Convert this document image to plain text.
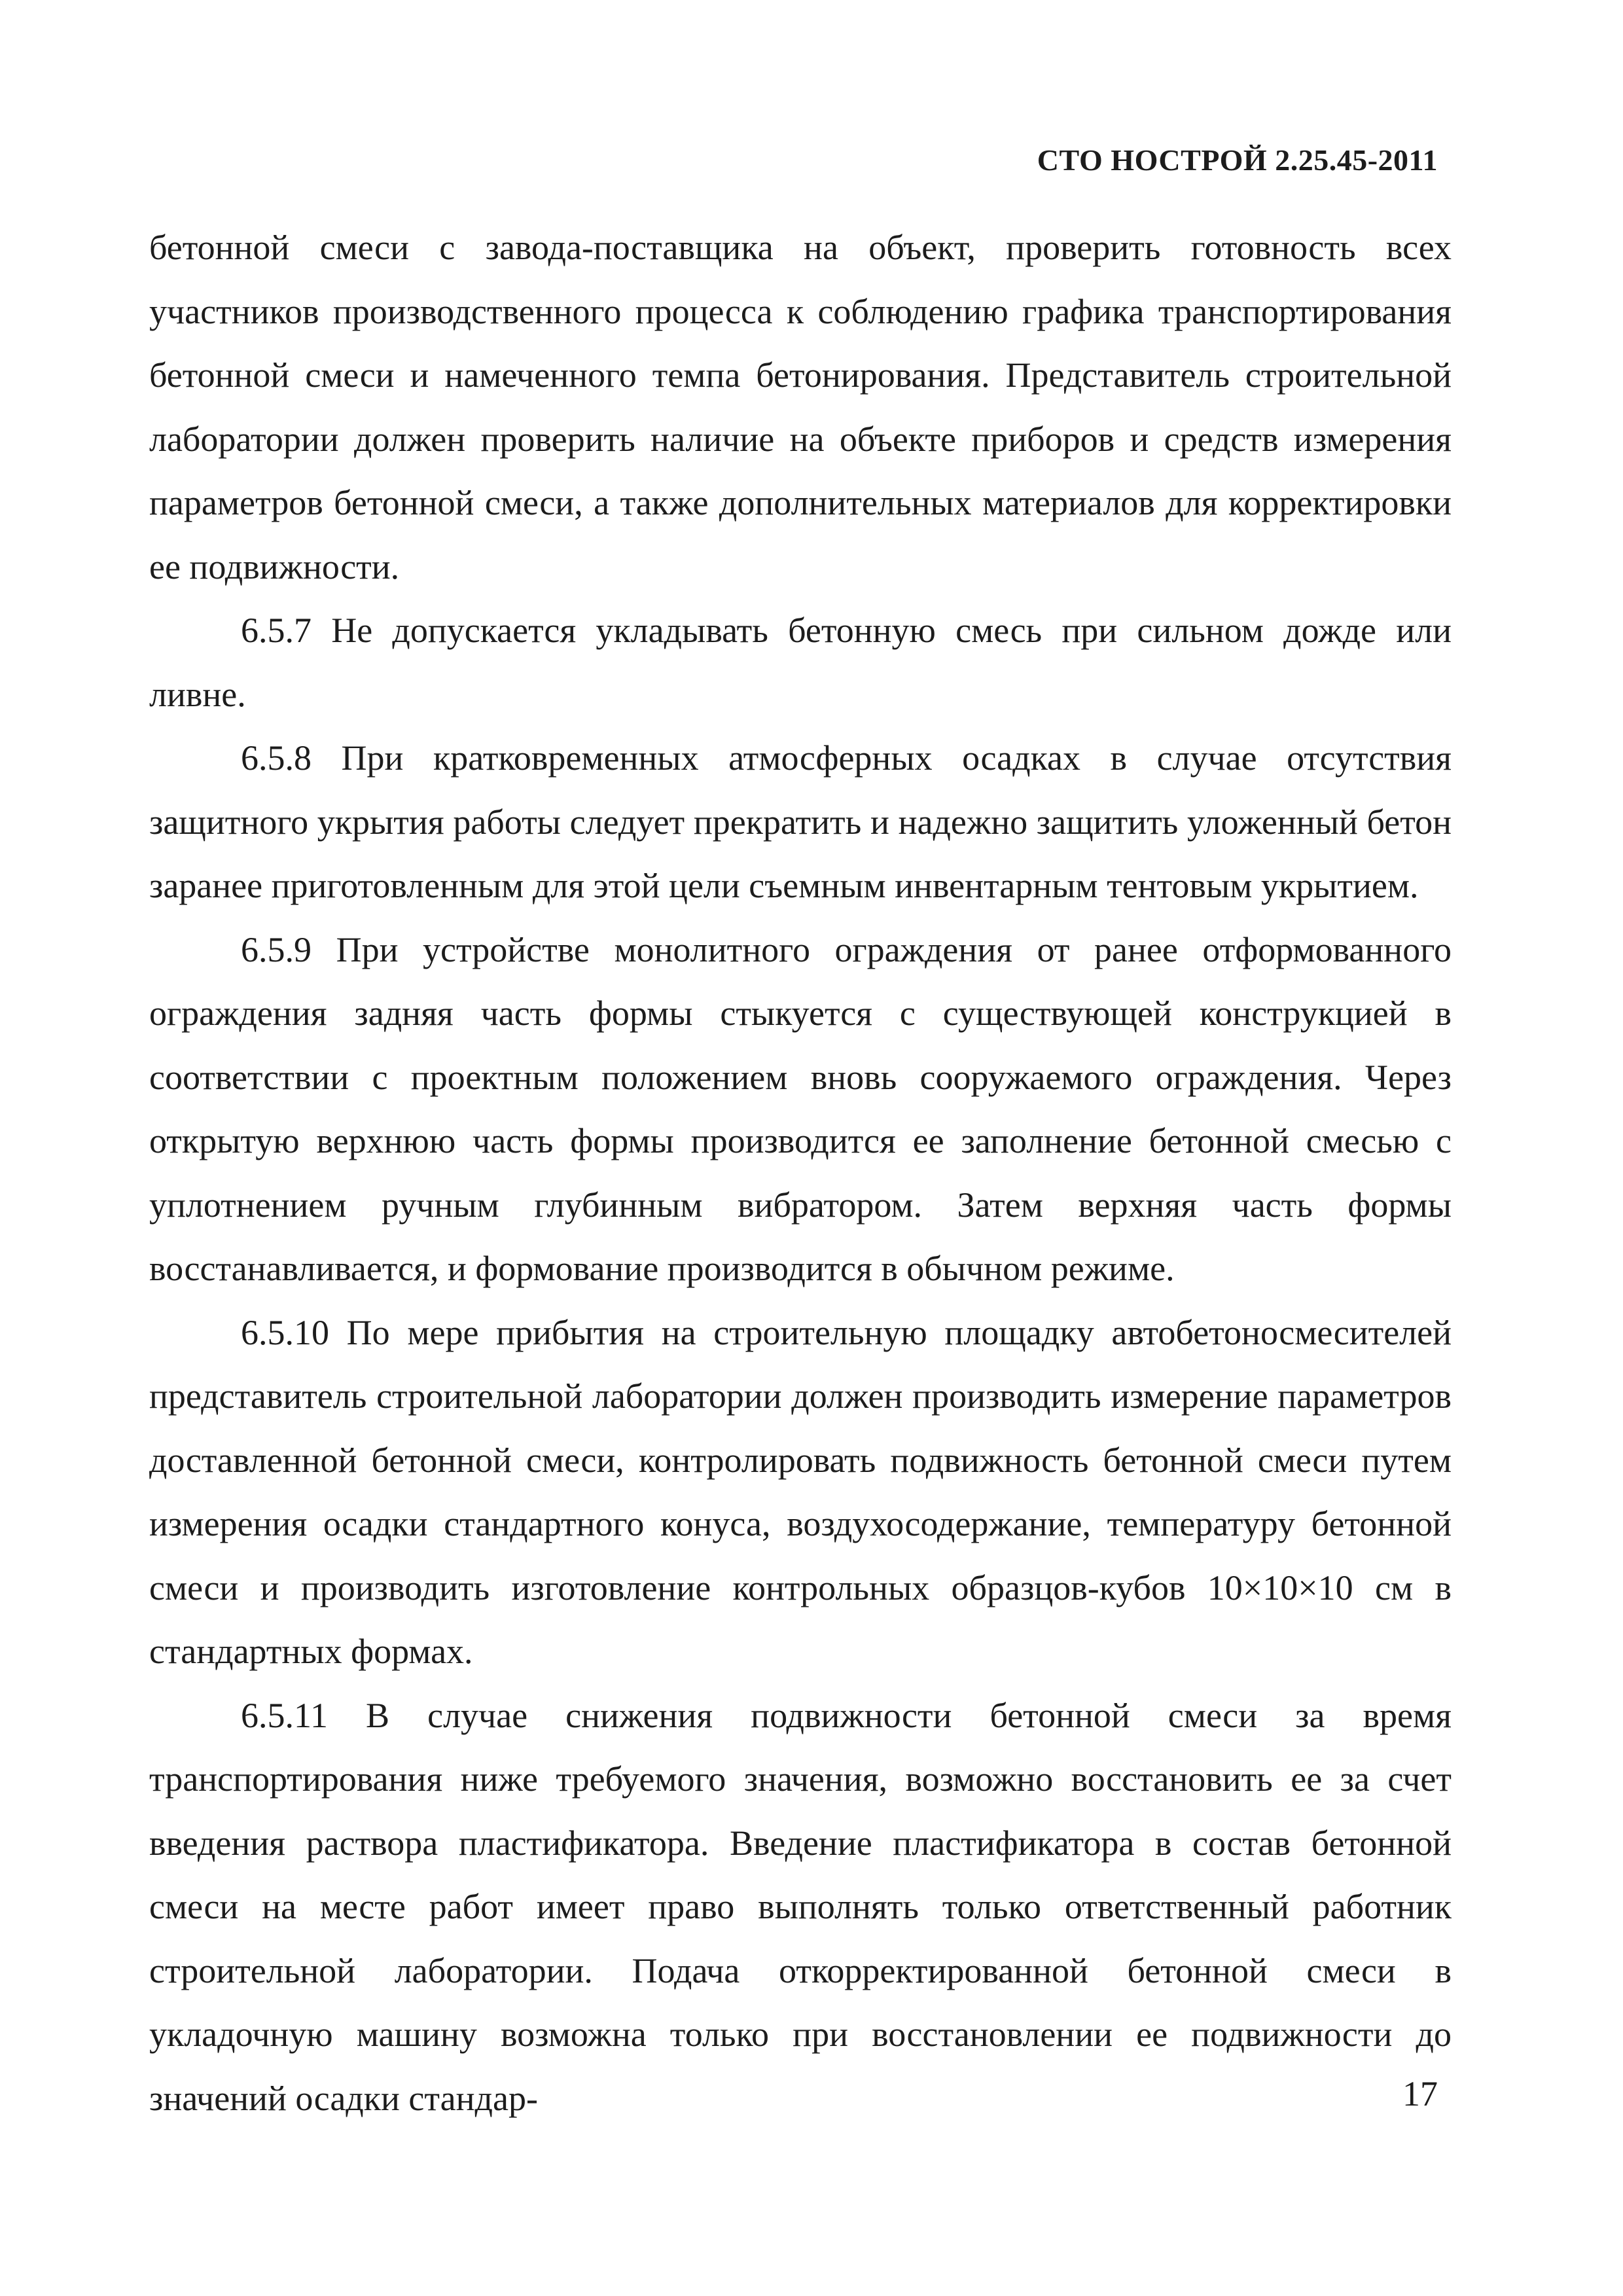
СТО НОСТРОЙ 2.25.45-2011

бетонной смеси с завода-поставщика на объект, проверить готовность всех участников производственного процесса к соблюдению графика транспортирования бетонной смеси и намеченного темпа бетонирования. Представитель строительной лаборатории должен проверить наличие на объекте приборов и средств измерения параметров бетонной смеси, а также дополнительных материалов для корректировки ее подвижности.

6.5.7 Не допускается укладывать бетонную смесь при сильном дожде или ливне.

6.5.8 При кратковременных атмосферных осадках в случае отсутствия защитного укрытия работы следует прекратить и надежно защитить уложенный бетон заранее приготовленным для этой цели съемным инвентарным тентовым укрытием.

6.5.9 При устройстве монолитного ограждения от ранее отформованного ограждения задняя часть формы стыкуется с существующей конструкцией в соответствии с проектным положением вновь сооружаемого ограждения. Через открытую верхнюю часть формы производится ее заполнение бетонной смесью с уплотнением ручным глубинным вибратором. Затем верхняя часть формы восстанавливается, и формование производится в обычном режиме.

6.5.10 По мере прибытия на строительную площадку автобетоносмесителей представитель строительной лаборатории должен производить измерение параметров доставленной бетонной смеси, контролировать подвижность бетонной смеси путем измерения осадки стандартного конуса, воздухосодержание, температуру бетонной смеси и производить изготовление контрольных образцов-кубов 10×10×10 см в стандартных формах.

6.5.11 В случае снижения подвижности бетонной смеси за время транспортирования ниже требуемого значения, возможно восстановить ее за счет введения раствора пластификатора. Введение пластификатора в состав бетонной смеси на месте работ имеет право выполнять только ответственный работник строительной лаборатории. Подача откорректированной бетонной смеси в укладочную машину возможна только при восстановлении ее подвижности до значений осадки стандар-	17
